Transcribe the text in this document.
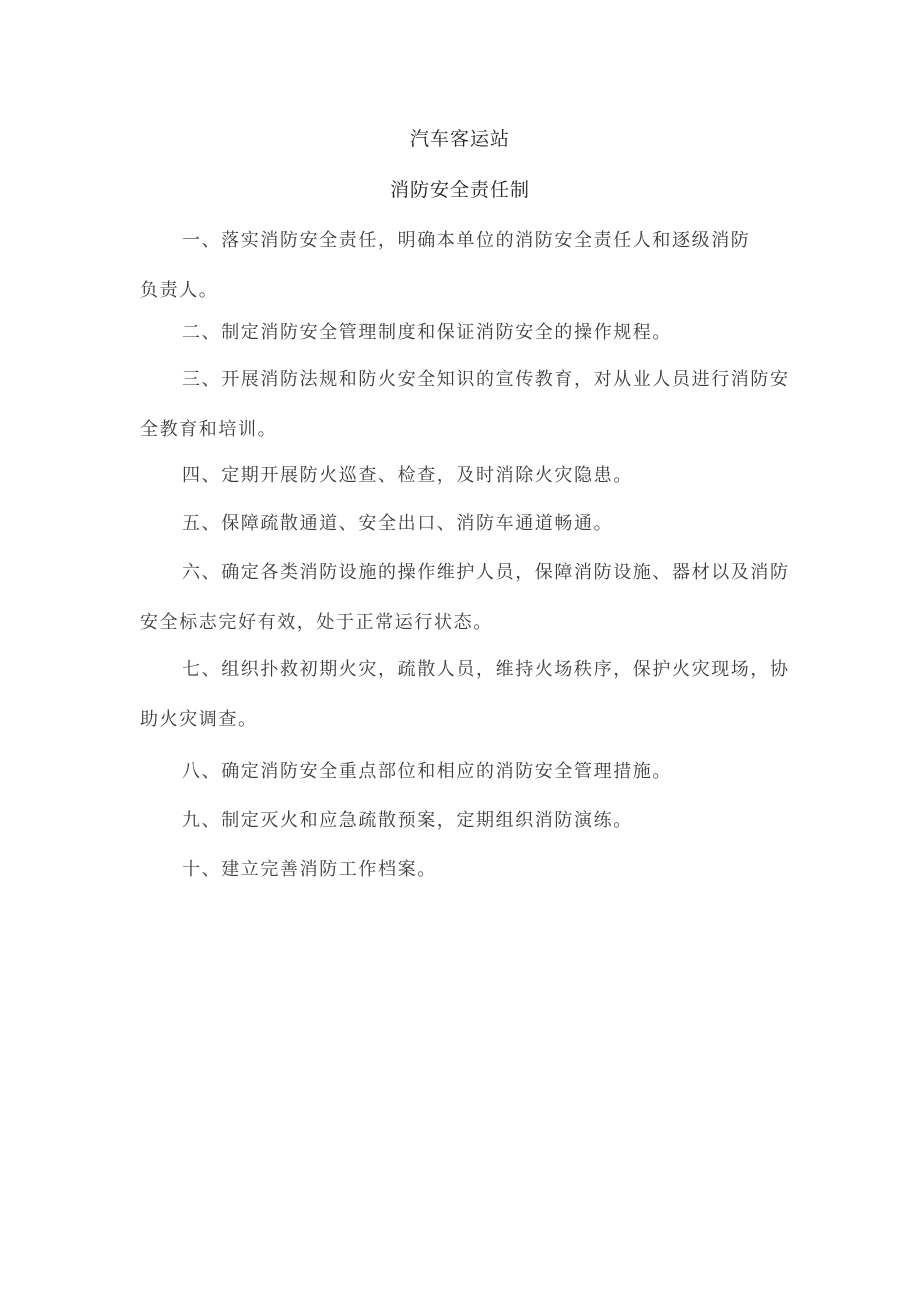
汽车客运站
消防安全责任制

一、落实消防安全责任，明确本单位的消防安全责任人和逐级消防负责人。

二、制定消防安全管理制度和保证消防安全的操作规程。

三、开展消防法规和防火安全知识的宣传教育，对从业人员进行消防安全教育和培训。

四、定期开展防火巡查、检查，及时消除火灾隐患。

五、保障疏散通道、安全出口、消防车通道畅通。

六、确定各类消防设施的操作维护人员，保障消防设施、器材以及消防安全标志完好有效，处于正常运行状态。

七、组织扑救初期火灾，疏散人员，维持火场秩序，保护火灾现场，协助火灾调查。

八、确定消防安全重点部位和相应的消防安全管理措施。

九、制定灭火和应急疏散预案，定期组织消防演练。

十、建立完善消防工作档案。
